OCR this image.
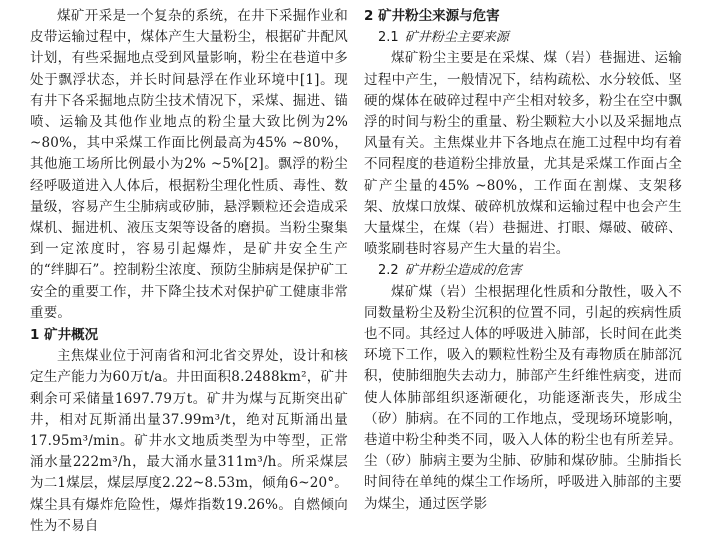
煤矿开采是一个复杂的系统，在井下采掘作业和皮带运输过程中，煤体产生大量粉尘，根据矿井配风计划，有些采掘地点受到风量影响，粉尘在巷道中多处于飘浮状态，并长时间悬浮在作业环境中[1]。现有井下各采掘地点防尘技术情况下，采煤、掘进、锚喷、运输及其他作业地点的粉尘量大致比例为2% ~80%，其中采煤工作面比例最高为45% ~80%，其他施工场所比例最小为2% ~5%[2]。飘浮的粉尘经呼吸道进入人体后，根据粉尘理化性质、毒性、数量级，容易产生尘肺病或矽肺，悬浮颗粒还会造成采煤机、掘进机、液压支架等设备的磨损。当粉尘聚集到一定浓度时，容易引起爆炸，是矿井安全生产的“绊脚石”。控制粉尘浓度、预防尘肺病是保护矿工安全的重要工作，井下降尘技术对保护矿工健康非常重要。

1 矿井概况

主焦煤业位于河南省和河北省交界处，设计和核定生产能力为60万t/a。井田面积8.2488km²，矿井剩余可采储量1697.79万t。矿井为煤与瓦斯突出矿井，相对瓦斯涌出量37.99m³/t，绝对瓦斯涌出量17.95m³/min。矿井水文地质类型为中等型，正常涌水量222m³/h，最大涌水量311m³/h。所采煤层为二1煤层，煤层厚度2.22~8.53m，倾角6~20°。煤尘具有爆炸危险性，爆炸指数19.26%。自燃倾向性为不易自

2 矿井粉尘来源与危害

2.1 矿井粉尘主要来源

煤矿粉尘主要是在采煤、煤（岩）巷掘进、运输过程中产生，一般情况下，结构疏松、水分较低、坚硬的煤体在破碎过程中产尘相对较多，粉尘在空中飘浮的时间与粉尘的重量、粉尘颗粒大小以及采掘地点风量有关。主焦煤业井下各地点在施工过程中均有着不同程度的巷道粉尘排放量，尤其是采煤工作面占全矿产尘量的45% ~80%，工作面在割煤、支架移架、放煤口放煤、破碎机放煤和运输过程中也会产生大量煤尘，在煤（岩）巷掘进、打眼、爆破、破碎、喷浆刷巷时容易产生大量的岩尘。

2.2 矿井粉尘造成的危害

煤矿煤（岩）尘根据理化性质和分散性，吸入不同数量粉尘及粉尘沉积的位置不同，引起的疾病性质也不同。其经过人体的呼吸进入肺部，长时间在此类环境下工作，吸入的颗粒性粉尘及有毒物质在肺部沉积，使肺细胞失去动力，肺部产生纤维性病变，进而使人体肺部组织逐渐硬化，功能逐渐丧失，形成尘（矽）肺病。在不同的工作地点，受现场环境影响，巷道中粉尘种类不同，吸入人体的粉尘也有所差异。尘（矽）肺病主要为尘肺、矽肺和煤矽肺。尘肺指长时间待在单纯的煤尘工作场所，呼吸进入肺部的主要为煤尘，通过医学影
